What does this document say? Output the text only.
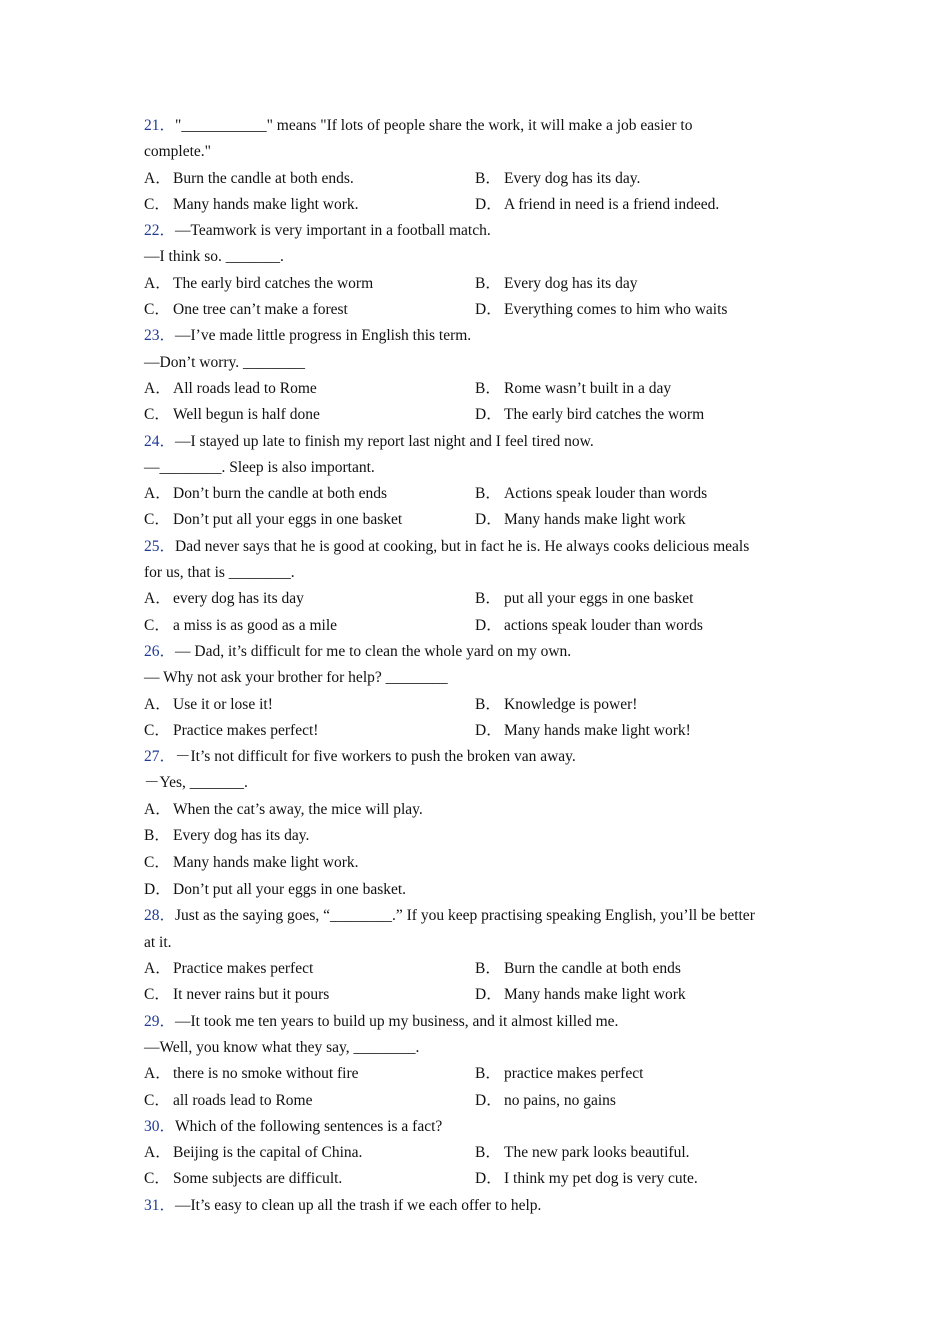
21．"___________" means "If lots of people share the work, it will make a job easier to
complete."
A． Burn the candle at both ends.	B． Every dog has its day.
C． Many hands make light work.	D． A friend in need is a friend indeed.
22．—Teamwork is very important in a football match.
—I think so. _______.
A． The early bird catches the worm	B． Every dog has its day
C． One tree can’t make a forest	D． Everything comes to him who waits
23．—I’ve made little progress in English this term.
—Don’t worry. ________
A． All roads lead to Rome	B． Rome wasn’t built in a day
C． Well begun is half done	D． The early bird catches the worm
24．—I stayed up late to finish my report last night and I feel tired now.
—________. Sleep is also important.
A． Don’t burn the candle at both ends	B． Actions speak louder than words
C． Don’t put all your eggs in one basket	D． Many hands make light work
25．Dad never says that he is good at cooking, but in fact he is. He always cooks delicious meals
for us, that is ________.
A． every dog has its day	B． put all your eggs in one basket
C． a miss is as good as a mile	D． actions speak louder than words
26．— Dad, it’s difficult for me to clean the whole yard on my own.
— Why not ask your brother for help? ________
A． Use it or lose it!	B． Knowledge is power!
C． Practice makes perfect!	D． Many hands make light work!
27．－It’s not difficult for five workers to push the broken van away.
－Yes, _______.
A． When the cat’s away, the mice will play.
B． Every dog has its day.
C． Many hands make light work.
D． Don’t put all your eggs in one basket.
28．Just as the saying goes, “________.” If you keep practising speaking English, you’ll be better
at it.
A． Practice makes perfect	B． Burn the candle at both ends
C． It never rains but it pours	D． Many hands make light work
29．—It took me ten years to build up my business, and it almost killed me.
—Well, you know what they say, ________.
A． there is no smoke without fire	B． practice makes perfect
C． all roads lead to Rome	D． no pains, no gains
30．Which of the following sentences is a fact?
A． Beijing is the capital of China.	B． The new park looks beautiful.
C． Some subjects are difficult.	D． I think my pet dog is very cute.
31．—It’s easy to clean up all the trash if we each offer to help.
